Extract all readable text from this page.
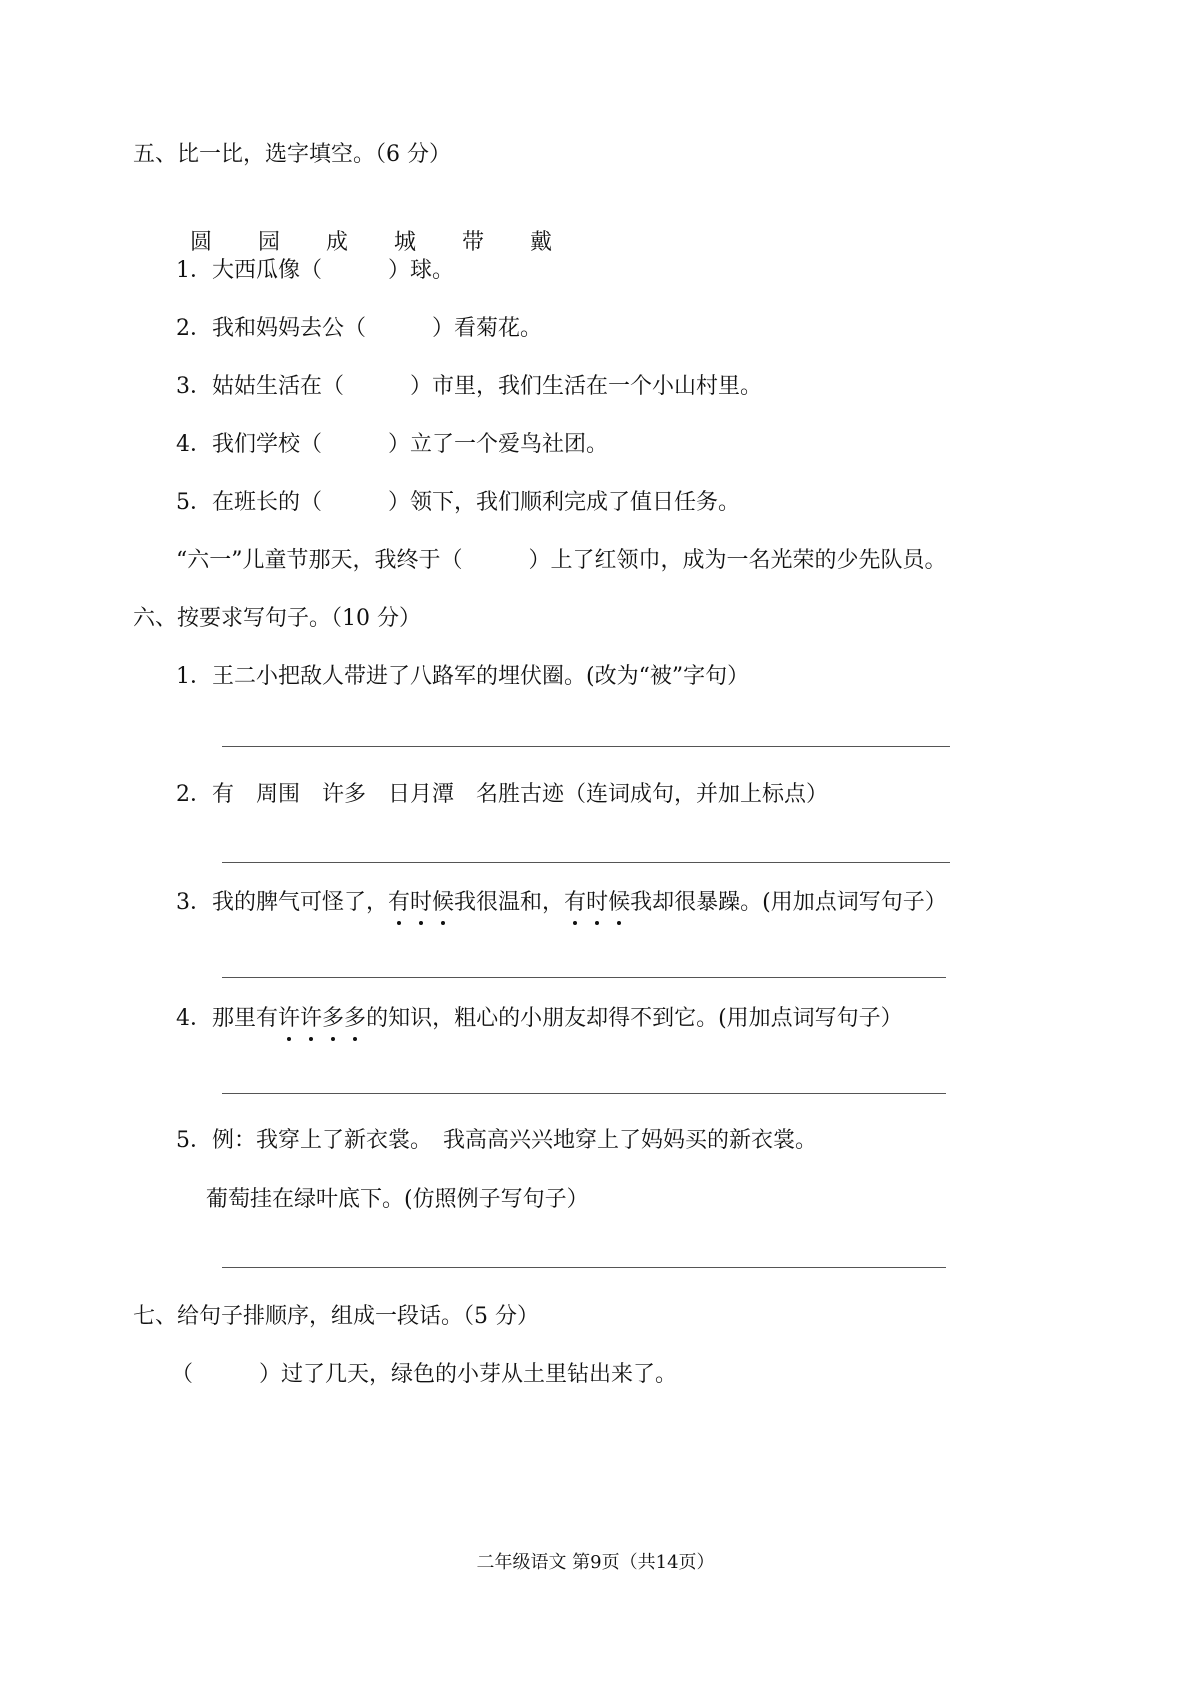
五、比一比，选字填空。（6 分）

圆 园 成 城 带 戴

1．大西瓜像（　　　）球。
2．我和妈妈去公（　　　）看菊花。
3．姑姑生活在（　　　）市里，我们生活在一个小山村里。
4．我们学校（　　　）立了一个爱鸟社团。
5．在班长的（　　　）领下，我们顺利完成了值日任务。
“六一”儿童节那天，我终于（　　　）上了红领巾，成为一名光荣的少先队员。
六、按要求写句子。（10 分）
1．王二小把敌人带进了八路军的埋伏圈。(改为“被”字句）
2．有　周围　许多　日月潭　名胜古迹（连词成句，并加上标点）
3．我的脾气可怪了，有时候我很温和，有时候我却很暴躁。(用加点词写句子）
4．那里有许许多多的知识，粗心的小朋友却得不到它。(用加点词写句子）
5．例：我穿上了新衣裳。　我高高兴兴地穿上了妈妈买的新衣裳。
葡萄挂在绿叶底下。(仿照例子写句子）
七、给句子排顺序，组成一段话。（5 分）
（　　　）过了几天，绿色的小芽从土里钻出来了。
二年级语文 第9页（共14页）
